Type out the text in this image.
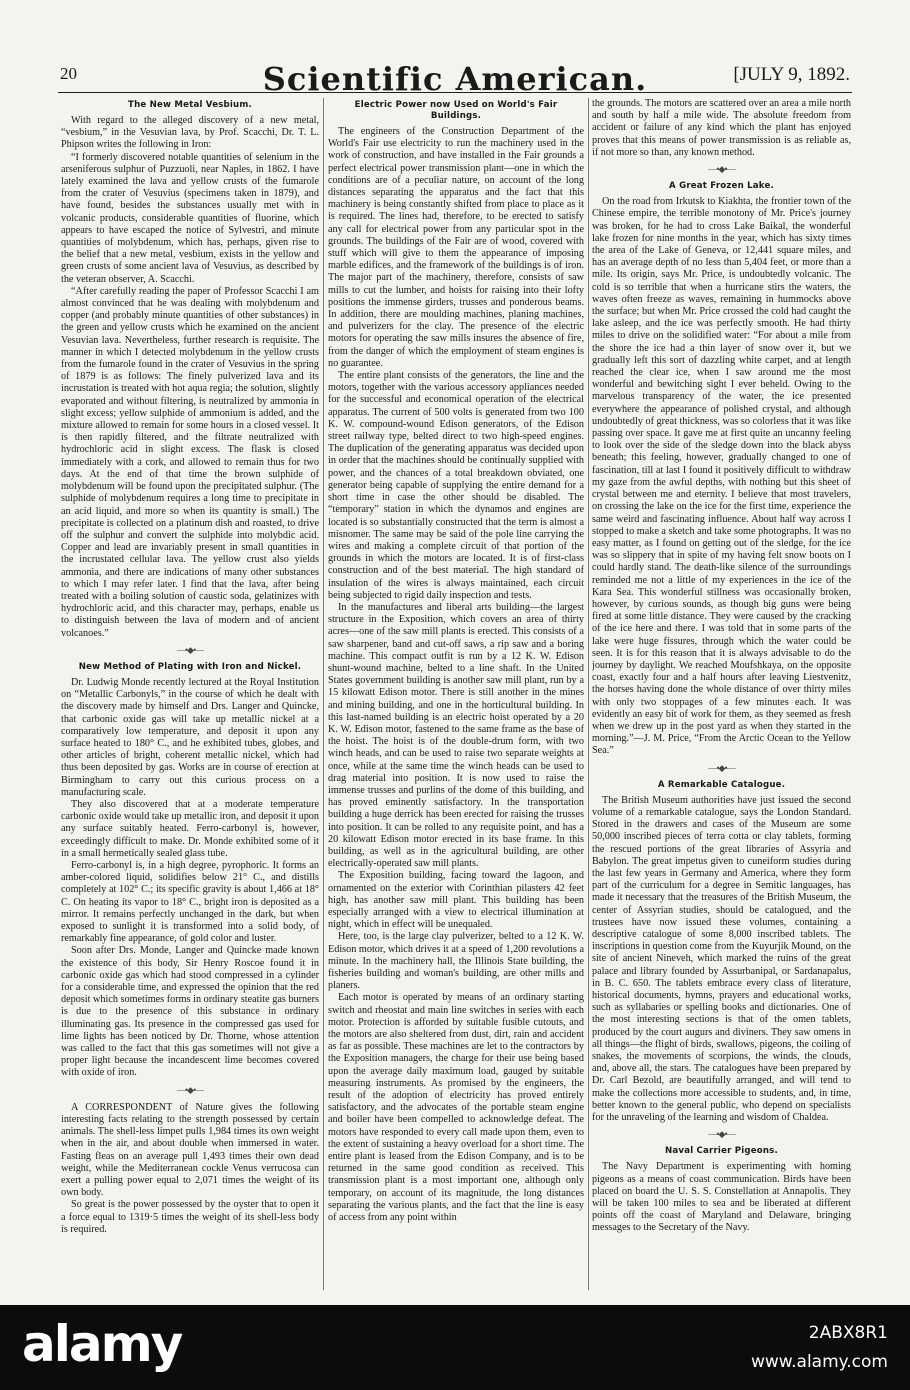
20	Scientific American.	[JULY 9, 1892.
The New Metal Vesbium.

With regard to the alleged discovery of a new metal, “vesbium,” in the Vesuvian lava, by Prof. Scacchi, Dr. T. L. Phipson writes the following in Iron:

“I formerly discovered notable quantities of selenium in the arseniferous sulphur of Puzzuoli, near Naples, in 1862. I have lately examined the lava and yellow crusts of the fumarole from the crater of Vesuvius (specimens taken in 1879), and have found, besides the substances usually met with in volcanic products, considerable quantities of fluorine, which appears to have escaped the notice of Sylvestri, and minute quantities of molybdenum, which has, perhaps, given rise to the belief that a new metal, vesbium, exists in the yellow and green crusts of some ancient lava of Vesuvius, as described by the veteran observer, A. Scacchi.

“After carefully reading the paper of Professor Scacchi I am almost convinced that he was dealing with molybdenum and copper (and probably minute quantities of other substances) in the green and yellow crusts which he examined on the ancient Vesuvian lava. Nevertheless, further research is requisite. The manner in which I detected molybdenum in the yellow crusts from the fumarole found in the crater of Vesuvius in the spring of 1879 is as follows: The finely pulverized lava and its incrustation is treated with hot aqua regia; the solution, slightly evaporated and without filtering, is neutralized by ammonia in slight excess; yellow sulphide of ammonium is added, and the mixture allowed to remain for some hours in a closed vessel. It is then rapidly filtered, and the filtrate neutralized with hydrochloric acid in slight excess. The flask is closed immediately with a cork, and allowed to remain thus for two days. At the end of that time the brown sulphide of molybdenum will be found upon the precipitated sulphur. (The sulphide of molybdenum requires a long time to precipitate in an acid liquid, and more so when its quantity is small.) The precipitate is collected on a platinum dish and roasted, to drive off the sulphur and convert the sulphide into molybdic acid. Copper and lead are invariably present in small quantities in the incrustated cellular lava. The yellow crust also yields ammonia, and there are indications of many other substances to which I may refer later. I find that the lava, after being treated with a boiling solution of caustic soda, gelatinizes with hydrochloric acid, and this character may, perhaps, enable us to distinguish between the lava of modern and of ancient volcanoes.”

—•◆•—
New Method of Plating with Iron and Nickel.

Dr. Ludwig Monde recently lectured at the Royal Institution on “Metallic Carbonyls,” in the course of which he dealt with the discovery made by himself and Drs. Langer and Quincke, that carbonic oxide gas will take up metallic nickel at a comparatively low temperature, and deposit it upon any surface heated to 180° C., and he exhibited tubes, globes, and other articles of bright, coherent metallic nickel, which had thus been deposited by gas. Works are in course of erection at Birmingham to carry out this curious process on a manufacturing scale.

They also discovered that at a moderate temperature carbonic oxide would take up metallic iron, and deposit it upon any surface suitably heated. Ferro-carbonyl is, however, exceedingly difficult to make. Dr. Monde exhibited some of it in a small hermetically sealed glass tube.

Ferro-carbonyl is, in a high degree, pyrophoric. It forms an amber-colored liquid, solidifies below 21° C., and distills completely at 102° C.; its specific gravity is about 1,466 at 18° C. On heating its vapor to 18° C., bright iron is deposited as a mirror. It remains perfectly unchanged in the dark, but when exposed to sunlight it is transformed into a solid body, of remarkably fine appearance, of gold color and luster.

Soon after Drs. Monde, Langer and Quincke made known the existence of this body, Sir Henry Roscoe found it in carbonic oxide gas which had stood compressed in a cylinder for a considerable time, and expressed the opinion that the red deposit which sometimes forms in ordinary steatite gas burners is due to the presence of this substance in ordinary illuminating gas. Its presence in the compressed gas used for lime lights has been noticed by Dr. Thorne, whose attention was called to the fact that this gas sometimes will not give a proper light because the incandescent lime becomes covered with oxide of iron.

—•◆•—

A CORRESPONDENT of Nature gives the following interesting facts relating to the strength possessed by certain animals. The shell-less limpet pulls 1,984 times its own weight when in the air, and about double when immersed in water. Fasting fleas on an average pull 1,493 times their own dead weight, while the Mediterranean cockle Venus verrucosa can exert a pulling power equal to 2,071 times the weight of its own body.

So great is the power possessed by the oyster that to open it a force equal to 1319·5 times the weight of its shell-less body is required.

Electric Power now Used on World's Fair Buildings.

The engineers of the Construction Department of the World's Fair use electricity to run the machinery used in the work of construction, and have installed in the Fair grounds a perfect electrical power transmission plant—one in which the conditions are of a peculiar nature, on account of the long distances separating the apparatus and the fact that this machinery is being constantly shifted from place to place as it is required. The lines had, therefore, to be erected to satisfy any call for electrical power from any particular spot in the grounds. The buildings of the Fair are of wood, covered with stuff which will give to them the appearance of imposing marble edifices, and the framework of the buildings is of iron. The major part of the machinery, therefore, consists of saw mills to cut the lumber, and hoists for raising into their lofty positions the immense girders, trusses and ponderous beams. In addition, there are moulding machines, planing machines, and pulverizers for the clay. The presence of the electric motors for operating the saw mills insures the absence of fire, from the danger of which the employment of steam engines is no guarantee.

The entire plant consists of the generators, the line and the motors, together with the various accessory appliances needed for the successful and economical operation of the electrical apparatus. The current of 500 volts is generated from two 100 K. W. compound-wound Edison generators, of the Edison street railway type, belted direct to two high-speed engines. The duplication of the generating apparatus was decided upon in order that the machines should be continually supplied with power, and the chances of a total breakdown obviated, one generator being capable of supplying the entire demand for a short time in case the other should be disabled. The “temporary” station in which the dynamos and engines are located is so substantially constructed that the term is almost a misnomer. The same may be said of the pole line carrying the wires and making a complete circuit of that portion of the grounds in which the motors are located. It is of first-class construction and of the best material. The high standard of insulation of the wires is always maintained, each circuit being subjected to rigid daily inspection and tests.

In the manufactures and liberal arts building—the largest structure in the Exposition, which covers an area of thirty acres—one of the saw mill plants is erected. This consists of a saw sharpener, band and cut-off saws, a rip saw and a boring machine. This compact outfit is run by a 12 K. W. Edison shunt-wound machine, belted to a line shaft. In the United States government building is another saw mill plant, run by a 15 kilowatt Edison motor. There is still another in the mines and mining building, and one in the horticultural building. In this last-named building is an electric hoist operated by a 20 K. W. Edison motor, fastened to the same frame as the base of the hoist. The hoist is of the double-drum form, with two winch heads, and can be used to raise two separate weights at once, while at the same time the winch heads can be used to drag material into position. It is now used to raise the immense trusses and purlins of the dome of this building, and has proved eminently satisfactory. In the transportation building a huge derrick has been erected for raising the trusses into position. It can be rolled to any requisite point, and has a 20 kilowatt Edison motor erected in its base frame. In this building, as well as in the agricultural building, are other electrically-operated saw mill plants.

The Exposition building, facing toward the lagoon, and ornamented on the exterior with Corinthian pilasters 42 feet high, has another saw mill plant. This building has been especially arranged with a view to electrical illumination at night, which in effect will be unequaled.

Here, too, is the large clay pulverizer, belted to a 12 K. W. Edison motor, which drives it at a speed of 1,200 revolutions a minute. In the machinery hall, the Illinois State building, the fisheries building and woman's building, are other mills and planers.

Each motor is operated by means of an ordinary starting switch and rheostat and main line switches in series with each motor. Protection is afforded by suitable fusible cutouts, and the motors are also sheltered from dust, dirt, rain and accident as far as possible. These machines are let to the contractors by the Exposition managers, the charge for their use being based upon the average daily maximum load, gauged by suitable measuring instruments. As promised by the engineers, the result of the adoption of electricity has proved entirely satisfactory, and the advocates of the portable steam engine and boiler have been compelled to acknowledge defeat. The motors have responded to every call made upon them, even to the extent of sustaining a heavy overload for a short time. The entire plant is leased from the Edison Company, and is to be returned in the same good condition as received. This transmission plant is a most important one, although only temporary, on account of its magnitude, the long distances separating the various plants, and the fact that the line is easy of access from any point within

the grounds. The motors are scattered over an area a mile north and south by half a mile wide. The absolute freedom from accident or failure of any kind which the plant has enjoyed proves that this means of power transmission is as reliable as, if not more so than, any known method.

—•◆•—
A Great Frozen Lake.

On the road from Irkutsk to Kiakhta, the frontier town of the Chinese empire, the terrible monotony of Mr. Price's journey was broken, for he had to cross Lake Baikal, the wonderful lake frozen for nine months in the year, which has sixty times the area of the Lake of Geneva, or 12,441 square miles, and has an average depth of no less than 5,404 feet, or more than a mile. Its origin, says Mr. Price, is undoubtedly volcanic. The cold is so terrible that when a hurricane stirs the waters, the waves often freeze as waves, remaining in hummocks above the surface; but when Mr. Price crossed the cold had caught the lake asleep, and the ice was perfectly smooth. He had thirty miles to drive on the solidified water: “For about a mile from the shore the ice had a thin layer of snow over it, but we gradually left this sort of dazzling white carpet, and at length reached the clear ice, when I saw around me the most wonderful and bewitching sight I ever beheld. Owing to the marvelous transparency of the water, the ice presented everywhere the appearance of polished crystal, and although undoubtedly of great thickness, was so colorless that it was like passing over space. It gave me at first quite an uncanny feeling to look over the side of the sledge down into the black abyss beneath; this feeling, however, gradually changed to one of fascination, till at last I found it positively difficult to withdraw my gaze from the awful depths, with nothing but this sheet of crystal between me and eternity. I believe that most travelers, on crossing the lake on the ice for the first time, experience the same weird and fascinating influence. About half way across I stopped to make a sketch and take some photographs. It was no easy matter, as I found on getting out of the sledge, for the ice was so slippery that in spite of my having felt snow boots on I could hardly stand. The death-like silence of the surroundings reminded me not a little of my experiences in the ice of the Kara Sea. This wonderful stillness was occasionally broken, however, by curious sounds, as though big guns were being fired at some little distance. They were caused by the cracking of the ice here and there. I was told that in some parts of the lake were huge fissures, through which the water could be seen. It is for this reason that it is always advisable to do the journey by daylight. We reached Moufshkaya, on the opposite coast, exactly four and a half hours after leaving Liestvenitz, the horses having done the whole distance of over thirty miles with only two stoppages of a few minutes each. It was evidently an easy bit of work for them, as they seemed as fresh when we drew up in the post yard as when they started in the morning.”—J. M. Price, “From the Arctic Ocean to the Yellow Sea.”

—•◆•—
A Remarkable Catalogue.

The British Museum authorities have just issued the second volume of a remarkable catalogue, says the London Standard. Stored in the drawers and cases of the Museum are some 50,000 inscribed pieces of terra cotta or clay tablets, forming the rescued portions of the great libraries of Assyria and Babylon. The great impetus given to cuneiform studies during the last few years in Germany and America, where they form part of the curriculum for a degree in Semitic languages, has made it necessary that the treasures of the British Museum, the center of Assyrian studies, should be catalogued, and the trustees have now issued these volumes, containing a descriptive catalogue of some 8,000 inscribed tablets. The inscriptions in question come from the Kuyurjik Mound, on the site of ancient Nineveh, which marked the ruins of the great palace and library founded by Assurbanipal, or Sardanapalus, in B. C. 650. The tablets embrace every class of literature, historical documents, hymns, prayers and educational works, such as syllabaries or spelling books and dictionaries. One of the most interesting sections is that of the omen tablets, produced by the court augurs and diviners. They saw omens in all things—the flight of birds, swallows, pigeons, the coiling of snakes, the movements of scorpions, the winds, the clouds, and, above all, the stars. The catalogues have been prepared by Dr. Carl Bezold, are beautifully arranged, and will tend to make the collections more accessible to students, and, in time, better known to the general public, who depend on specialists for the unraveling of the learning and wisdom of Chaldea.

—•◆•—
Naval Carrier Pigeons.

The Navy Department is experimenting with homing pigeons as a means of coast communication. Birds have been placed on board the U. S. S. Constellation at Annapolis. They will be taken 100 miles to sea and be liberated at different points off the coast of Maryland and Delaware, bringing messages to the Secretary of the Navy.

alamy	2ABX8R1
www.alamy.com
